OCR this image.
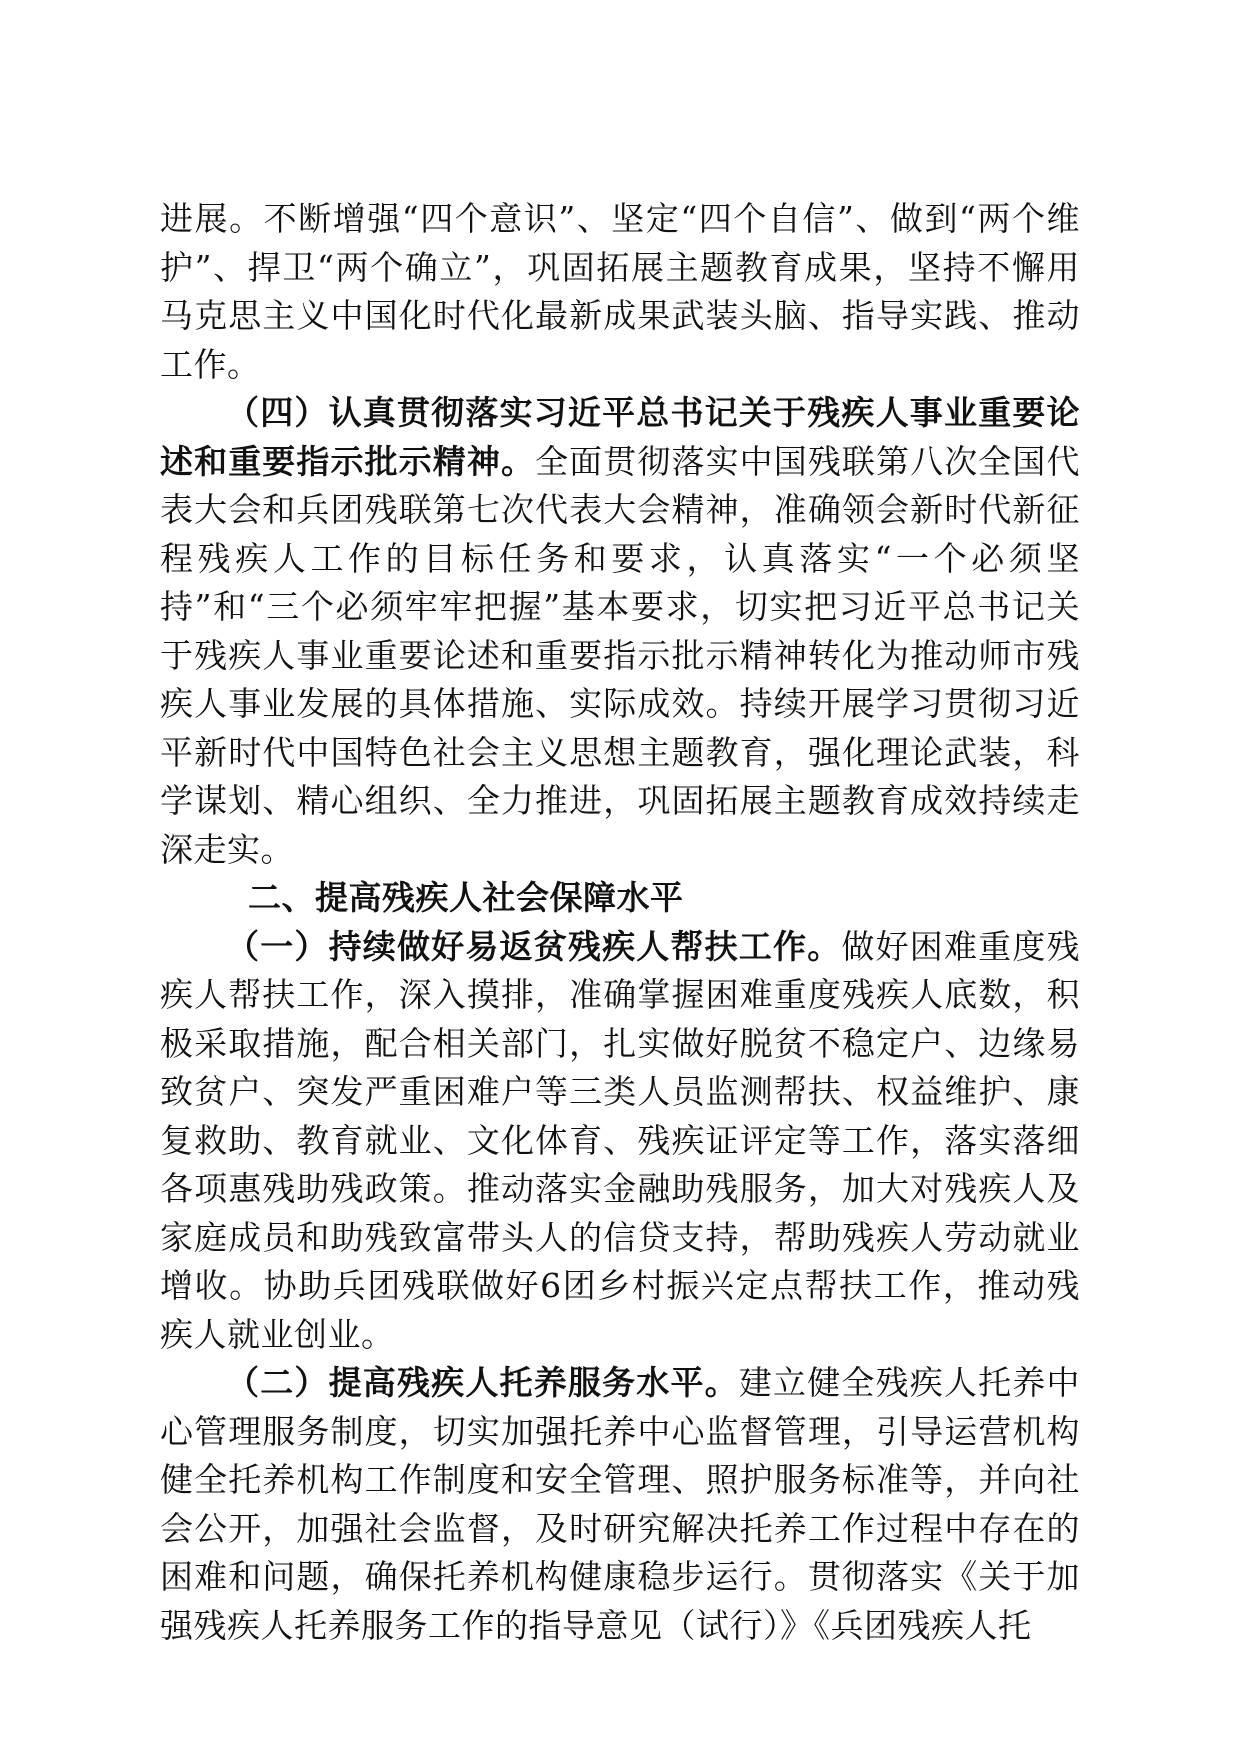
进展。不断增强“四个意识”、坚定“四个自信”、做到“两个维护”、捍卫“两个确立”，巩固拓展主题教育成果，坚持不懈用马克思主义中国化时代化最新成果武装头脑、指导实践、推动工作。

（四）认真贯彻落实习近平总书记关于残疾人事业重要论述和重要指示批示精神。全面贯彻落实中国残联第八次全国代表大会和兵团残联第七次代表大会精神，准确领会新时代新征程残疾人工作的目标任务和要求，认真落实“一个必须坚持”和“三个必须牢牢把握”基本要求，切实把习近平总书记关于残疾人事业重要论述和重要指示批示精神转化为推动师市残疾人事业发展的具体措施、实际成效。持续开展学习贯彻习近平新时代中国特色社会主义思想主题教育，强化理论武装，科学谋划、精心组织、全力推进，巩固拓展主题教育成效持续走深走实。

二、提高残疾人社会保障水平

（一）持续做好易返贫残疾人帮扶工作。做好困难重度残疾人帮扶工作，深入摸排，准确掌握困难重度残疾人底数，积极采取措施，配合相关部门，扎实做好脱贫不稳定户、边缘易致贫户、突发严重困难户等三类人员监测帮扶、权益维护、康复救助、教育就业、文化体育、残疾证评定等工作，落实落细各项惠残助残政策。推动落实金融助残服务，加大对残疾人及家庭成员和助残致富带头人的信贷支持，帮助残疾人劳动就业增收。协助兵团残联做好6团乡村振兴定点帮扶工作，推动残疾人就业创业。

（二）提高残疾人托养服务水平。建立健全残疾人托养中心管理服务制度，切实加强托养中心监督管理，引导运营机构健全托养机构工作制度和安全管理、照护服务标准等，并向社会公开，加强社会监督，及时研究解决托养工作过程中存在的困难和问题，确保托养机构健康稳步运行。贯彻落实《关于加强残疾人托养服务工作的指导意见（试行）》《兵团残疾人托
